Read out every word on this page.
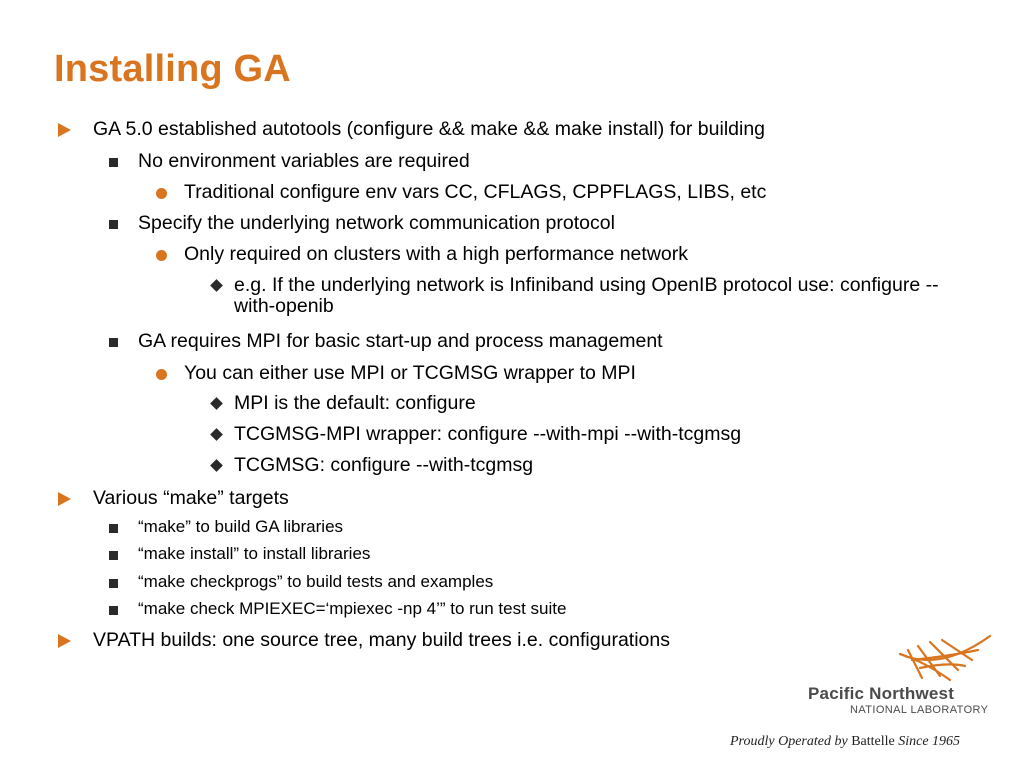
Installing GA
GA 5.0 established autotools (configure && make && make install) for building
No environment variables are required
Traditional configure env vars CC, CFLAGS, CPPFLAGS, LIBS, etc
Specify the underlying network communication protocol
Only required on clusters with a high performance network
e.g. If the underlying network is Infiniband using OpenIB protocol use: configure --with-openib
GA requires MPI for basic start-up and process management
You can either use MPI or TCGMSG wrapper to MPI
MPI is the default: configure
TCGMSG-MPI wrapper: configure --with-mpi --with-tcgmsg
TCGMSG: configure --with-tcgmsg
Various “make” targets
“make” to build GA libraries
“make install” to install libraries
“make checkprogs” to build tests and examples
“make check MPIEXEC=‘mpiexec -np 4’” to run test suite
VPATH builds: one source tree, many build trees i.e. configurations
Pacific Northwest
NATIONAL LABORATORY
Proudly Operated by Battelle Since 1965
